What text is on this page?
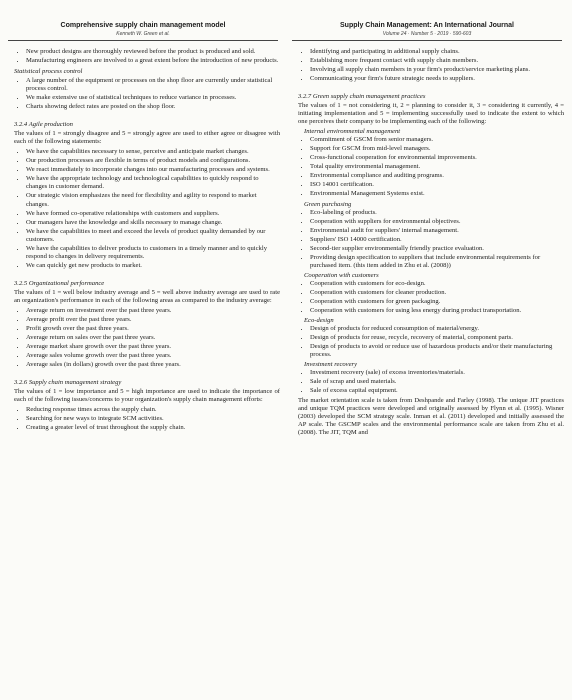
Comprehensive supply chain management model
Kenneth W. Green et al.
Supply Chain Management: An International Journal
Volume 24 · Number 5 · 2019 · 590-603
• New product designs are thoroughly reviewed before the product is produced and sold.
• Manufacturing engineers are involved to a great extent before the introduction of new products.
Statistical process control
• A large number of the equipment or processes on the shop floor are currently under statistical process control.
• We make extensive use of statistical techniques to reduce variance in processes.
• Charts showing defect rates are posted on the shop floor.
3.2.4 Agile production

The values of 1 = strongly disagree and 5 = strongly agree are used to either agree or disagree with each of the following statements:

• We have the capabilities necessary to sense, perceive and anticipate market changes.
• Our production processes are flexible in terms of product models and configurations.
• We react immediately to incorporate changes into our manufacturing processes and systems.
• We have the appropriate technology and technological capabilities to quickly respond to changes in customer demand.
• Our strategic vision emphasizes the need for flexibility and agility to respond to market changes.
• We have formed co-operative relationships with customers and suppliers.
• Our managers have the knowledge and skills necessary to manage change.
• We have the capabilities to meet and exceed the levels of product quality demanded by our customers.
• We have the capabilities to deliver products to customers in a timely manner and to quickly respond to changes in delivery requirements.
• We can quickly get new products to market.
3.2.5 Organizational performance

The values of 1 = well below industry average and 5 = well above industry average are used to rate an organization's performance in each of the following areas as compared to the industry average:

• Average return on investment over the past three years.
• Average profit over the past three years.
• Profit growth over the past three years.
• Average return on sales over the past three years.
• Average market share growth over the past three years.
• Average sales volume growth over the past three years.
• Average sales (in dollars) growth over the past three years.
3.2.6 Supply chain management strategy

The values of 1 = low importance and 5 = high importance are used to indicate the importance of each of the following issues/concerns to your organization's supply chain management efforts:

• Reducing response times across the supply chain.
• Searching for new ways to integrate SCM activities.
• Creating a greater level of trust throughout the supply chain.
• Identifying and participating in additional supply chains.
• Establishing more frequent contact with supply chain members.
• Involving all supply chain members in your firm's product/service marketing plans.
• Communicating your firm's future strategic needs to suppliers.
3.2.7 Green supply chain management practices

The values of 1 = not considering it, 2 = planning to consider it, 3 = considering it currently, 4 = initiating implementation and 5 = implementing successfully used to indicate the extent to which one perceives their company to be implementing each of the following:

Internal environmental management
• Commitment of GSCM from senior managers.
• Support for GSCM from mid-level managers.
• Cross-functional cooperation for environmental improvements.
• Total quality environmental management.
• Environmental compliance and auditing programs.
• ISO 14001 certification.
• Environmental Management Systems exist.
Green purchasing
• Eco-labeling of products.
• Cooperation with suppliers for environmental objectives.
• Environmental audit for suppliers' internal management.
• Suppliers' ISO 14000 certification.
• Second-tier supplier environmentally friendly practice evaluation.
• Providing design specification to suppliers that include environmental requirements for purchased item. (this item added in Zhu et al. (2008))
Cooperation with customers
• Cooperation with customers for eco-design.
• Cooperation with customers for cleaner production.
• Cooperation with customers for green packaging.
• Cooperation with customers for using less energy during product transportation.
Eco-design
• Design of products for reduced consumption of material/energy.
• Design of products for reuse, recycle, recovery of material, component parts.
• Design of products to avoid or reduce use of hazardous products and/or their manufacturing process.
Investment recovery
• Investment recovery (sale) of excess inventories/materials.
• Sale of scrap and used materials.
• Sale of excess capital equipment.

The market orientation scale is taken from Deshpande and Farley (1998). The unique JIT practices and unique TQM practices were developed and originally assessed by Flynn et al. (1995). Wisner (2003) developed the SCM strategy scale. Inman et al. (2011) developed and initially assessed the AP scale. The GSCMP scales and the environmental performance scale are taken from Zhu et al. (2008). The JIT, TQM and
